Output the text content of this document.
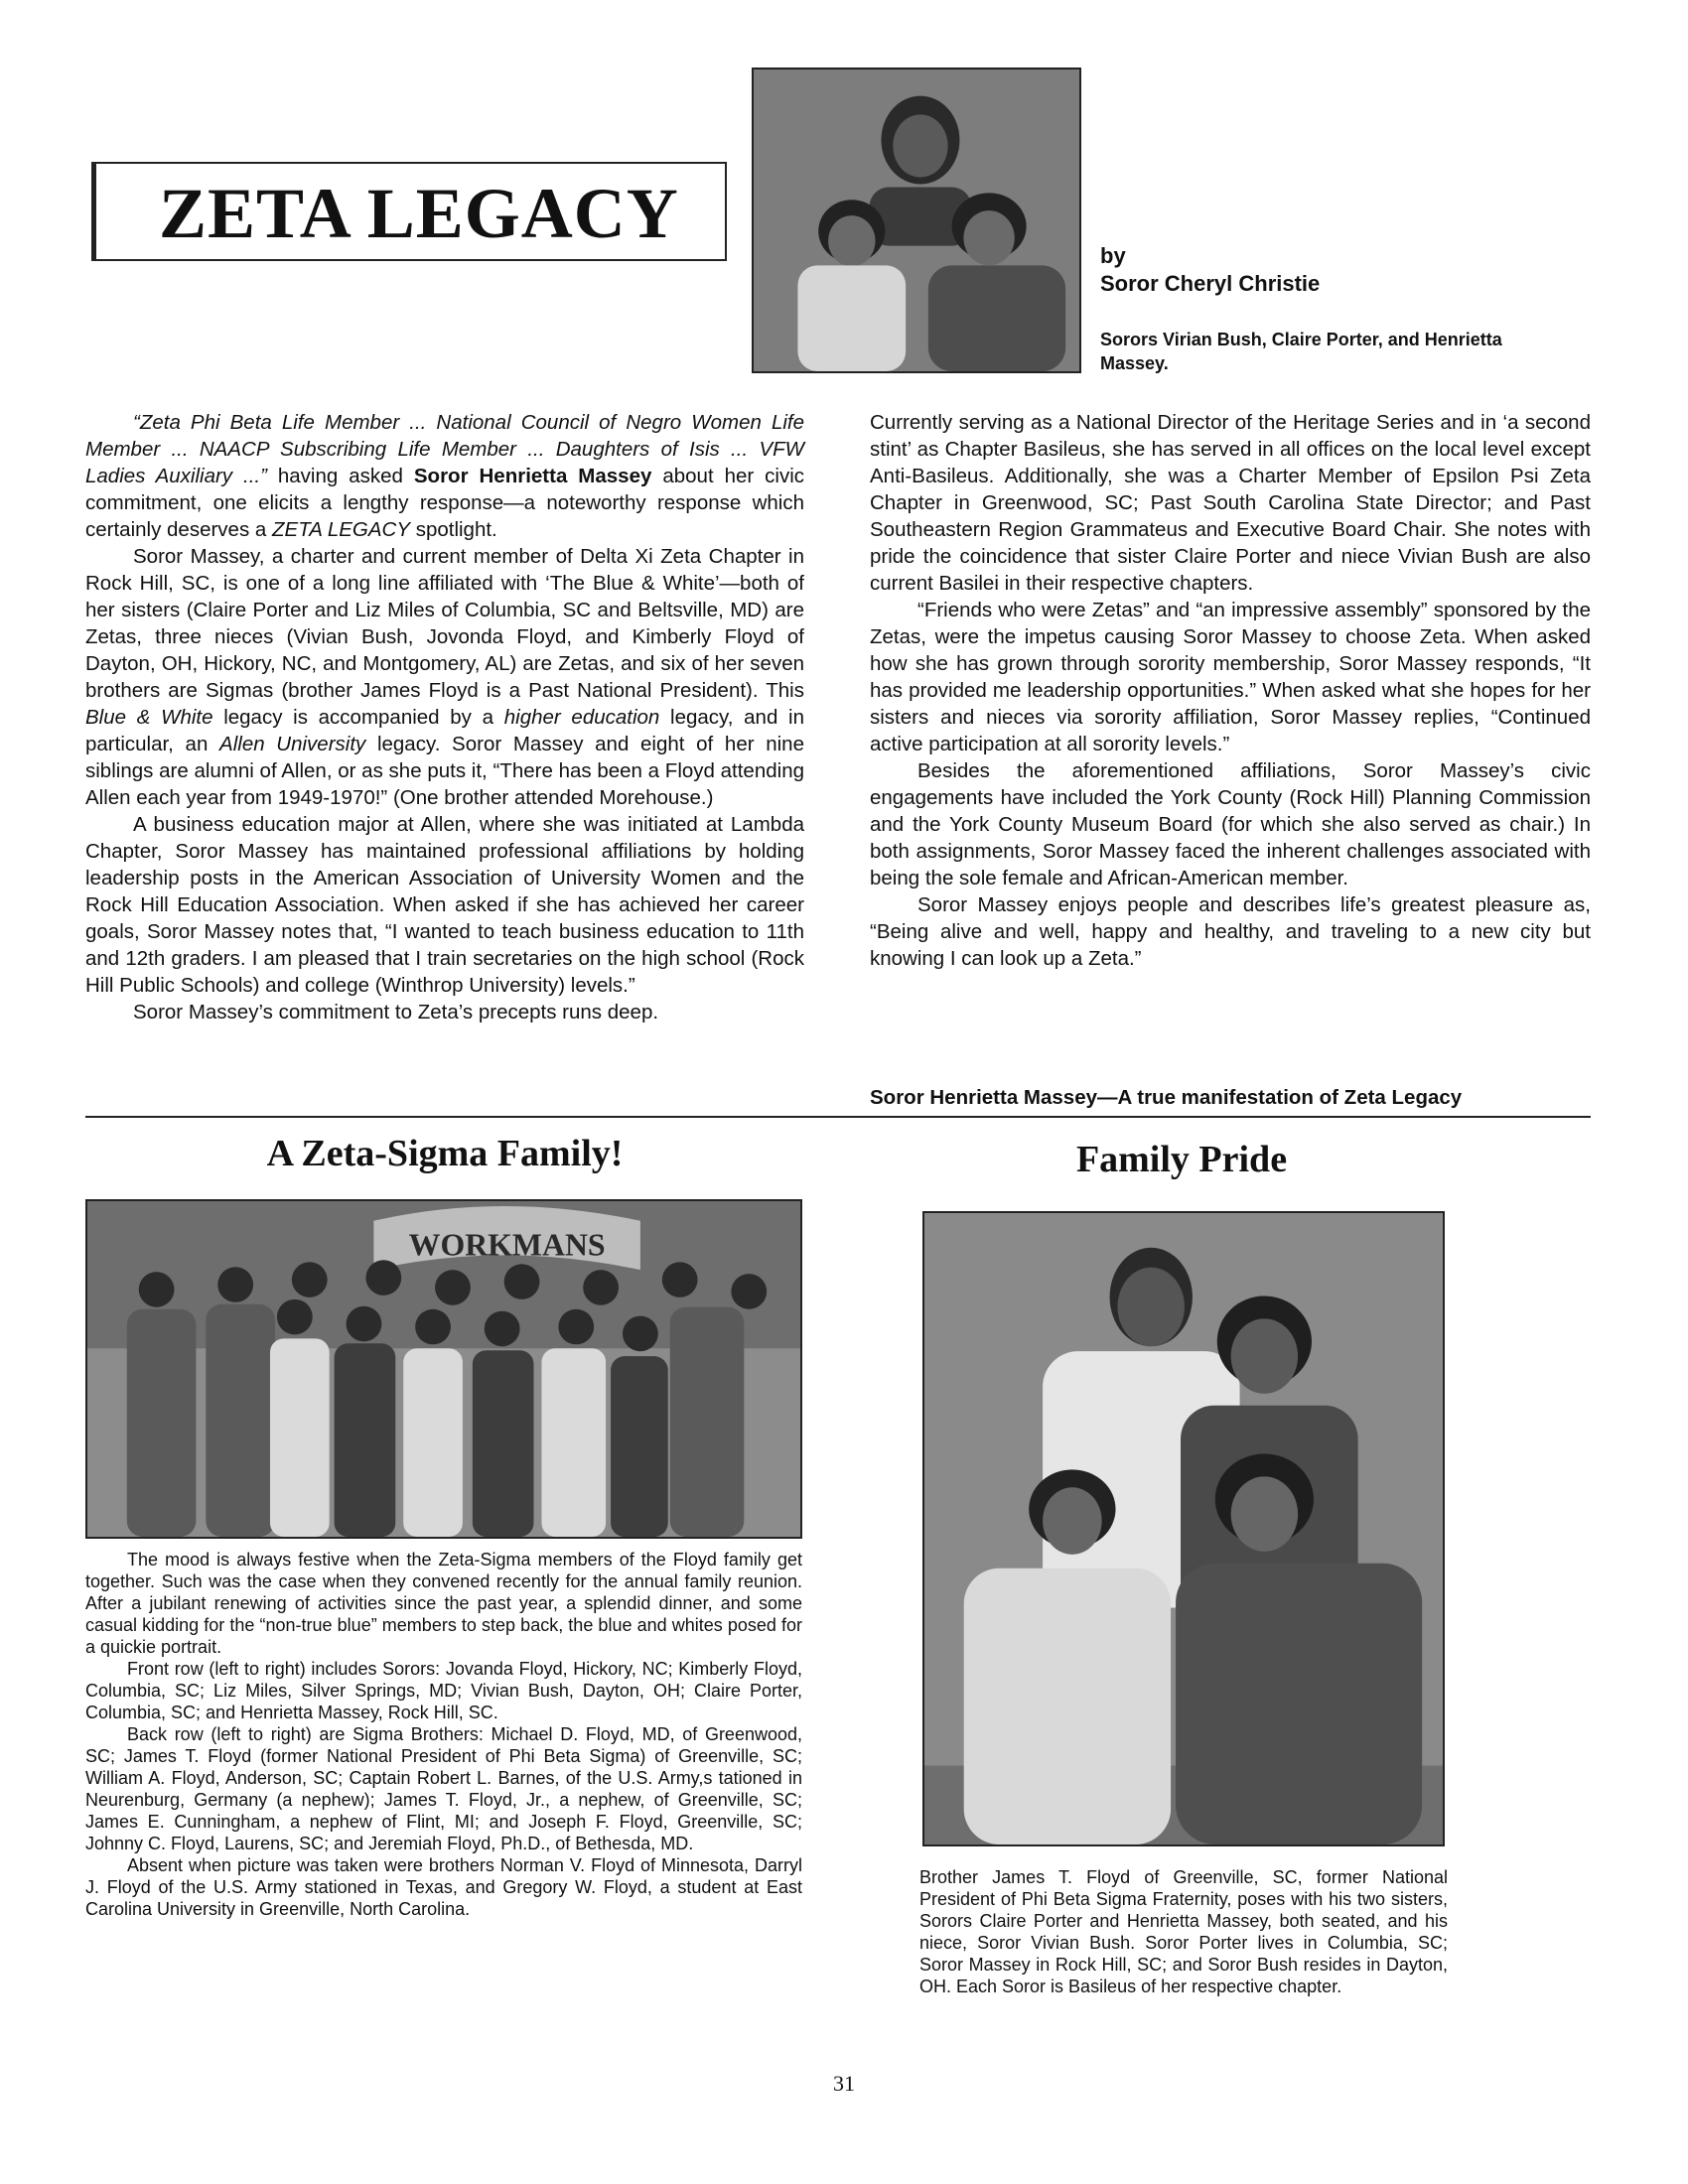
ZETA LEGACY
by
Soror Cheryl Christie
Sorors Virian Bush, Claire Porter, and Henrietta Massey.

“Zeta Phi Beta Life Member ... National Council of Negro Women Life Member ... NAACP Subscribing Life Member ... Daughters of Isis ... VFW Ladies Auxiliary ...” having asked Soror Henrietta Massey about her civic commitment, one elicits a lengthy response—a noteworthy response which certainly deserves a ZETA LEGACY spotlight.

Soror Massey, a charter and current member of Delta Xi Zeta Chapter in Rock Hill, SC, is one of a long line affiliated with ‘The Blue & White’—both of her sisters (Claire Porter and Liz Miles of Columbia, SC and Beltsville, MD) are Zetas, three nieces (Vivian Bush, Jovonda Floyd, and Kimberly Floyd of Dayton, OH, Hickory, NC, and Montgomery, AL) are Zetas, and six of her seven brothers are Sigmas (brother James Floyd is a Past National President). This Blue & White legacy is accompanied by a higher education legacy, and in particular, an Allen University legacy. Soror Massey and eight of her nine siblings are alumni of Allen, or as she puts it, “There has been a Floyd attending Allen each year from 1949-1970!” (One brother attended Morehouse.)

A business education major at Allen, where she was initiated at Lambda Chapter, Soror Massey has maintained professional affiliations by holding leadership posts in the American Association of University Women and the Rock Hill Education Association. When asked if she has achieved her career goals, Soror Massey notes that, “I wanted to teach business education to 11th and 12th graders. I am pleased that I train secretaries on the high school (Rock Hill Public Schools) and college (Winthrop University) levels.”

Soror Massey’s commitment to Zeta’s precepts runs deep.

Currently serving as a National Director of the Heritage Series and in ‘a second stint’ as Chapter Basileus, she has served in all offices on the local level except Anti-Basileus. Additionally, she was a Charter Member of Epsilon Psi Zeta Chapter in Greenwood, SC; Past South Carolina State Director; and Past Southeastern Region Grammateus and Executive Board Chair. She notes with pride the coincidence that sister Claire Porter and niece Vivian Bush are also current Basilei in their respective chapters.

“Friends who were Zetas” and “an impressive assembly” sponsored by the Zetas, were the impetus causing Soror Massey to choose Zeta. When asked how she has grown through sorority membership, Soror Massey responds, “It has provided me leadership opportunities.” When asked what she hopes for her sisters and nieces via sorority affiliation, Soror Massey replies, “Continued active participation at all sorority levels.”

Besides the aforementioned affiliations, Soror Massey’s civic engagements have included the York County (Rock Hill) Planning Commission and the York County Museum Board (for which she also served as chair.) In both assignments, Soror Massey faced the inherent challenges associated with being the sole female and African-American member.

Soror Massey enjoys people and describes life’s greatest pleasure as, “Being alive and well, happy and healthy, and traveling to a new city but knowing I can look up a Zeta.”

Soror Henrietta Massey—A true manifestation of Zeta Legacy
A Zeta-Sigma Family!
WORKMANS

The mood is always festive when the Zeta-Sigma members of the Floyd family get together. Such was the case when they convened recently for the annual family reunion. After a jubilant renewing of activities since the past year, a splendid dinner, and some casual kidding for the “non-true blue” members to step back, the blue and whites posed for a quickie portrait.

Front row (left to right) includes Sorors: Jovanda Floyd, Hickory, NC; Kimberly Floyd, Columbia, SC; Liz Miles, Silver Springs, MD; Vivian Bush, Dayton, OH; Claire Porter, Columbia, SC; and Henrietta Massey, Rock Hill, SC.

Back row (left to right) are Sigma Brothers: Michael D. Floyd, MD, of Greenwood, SC; James T. Floyd (former National President of Phi Beta Sigma) of Greenville, SC; William A. Floyd, Anderson, SC; Captain Robert L. Barnes, of the U.S. Army,s tationed in Neurenburg, Germany (a nephew); James T. Floyd, Jr., a nephew, of Greenville, SC; James E. Cunningham, a nephew of Flint, MI; and Joseph F. Floyd, Greenville, SC; Johnny C. Floyd, Laurens, SC; and Jeremiah Floyd, Ph.D., of Bethesda, MD.

Absent when picture was taken were brothers Norman V. Floyd of Minnesota, Darryl J. Floyd of the U.S. Army stationed in Texas, and Gregory W. Floyd, a student at East Carolina University in Greenville, North Carolina.

Family Pride
Brother James T. Floyd of Greenville, SC, former National President of Phi Beta Sigma Fraternity, poses with his two sisters, Sorors Claire Porter and Henrietta Massey, both seated, and his niece, Soror Vivian Bush. Soror Porter lives in Columbia, SC; Soror Massey in Rock Hill, SC; and Soror Bush resides in Dayton, OH. Each Soror is Basileus of her respective chapter.
31
